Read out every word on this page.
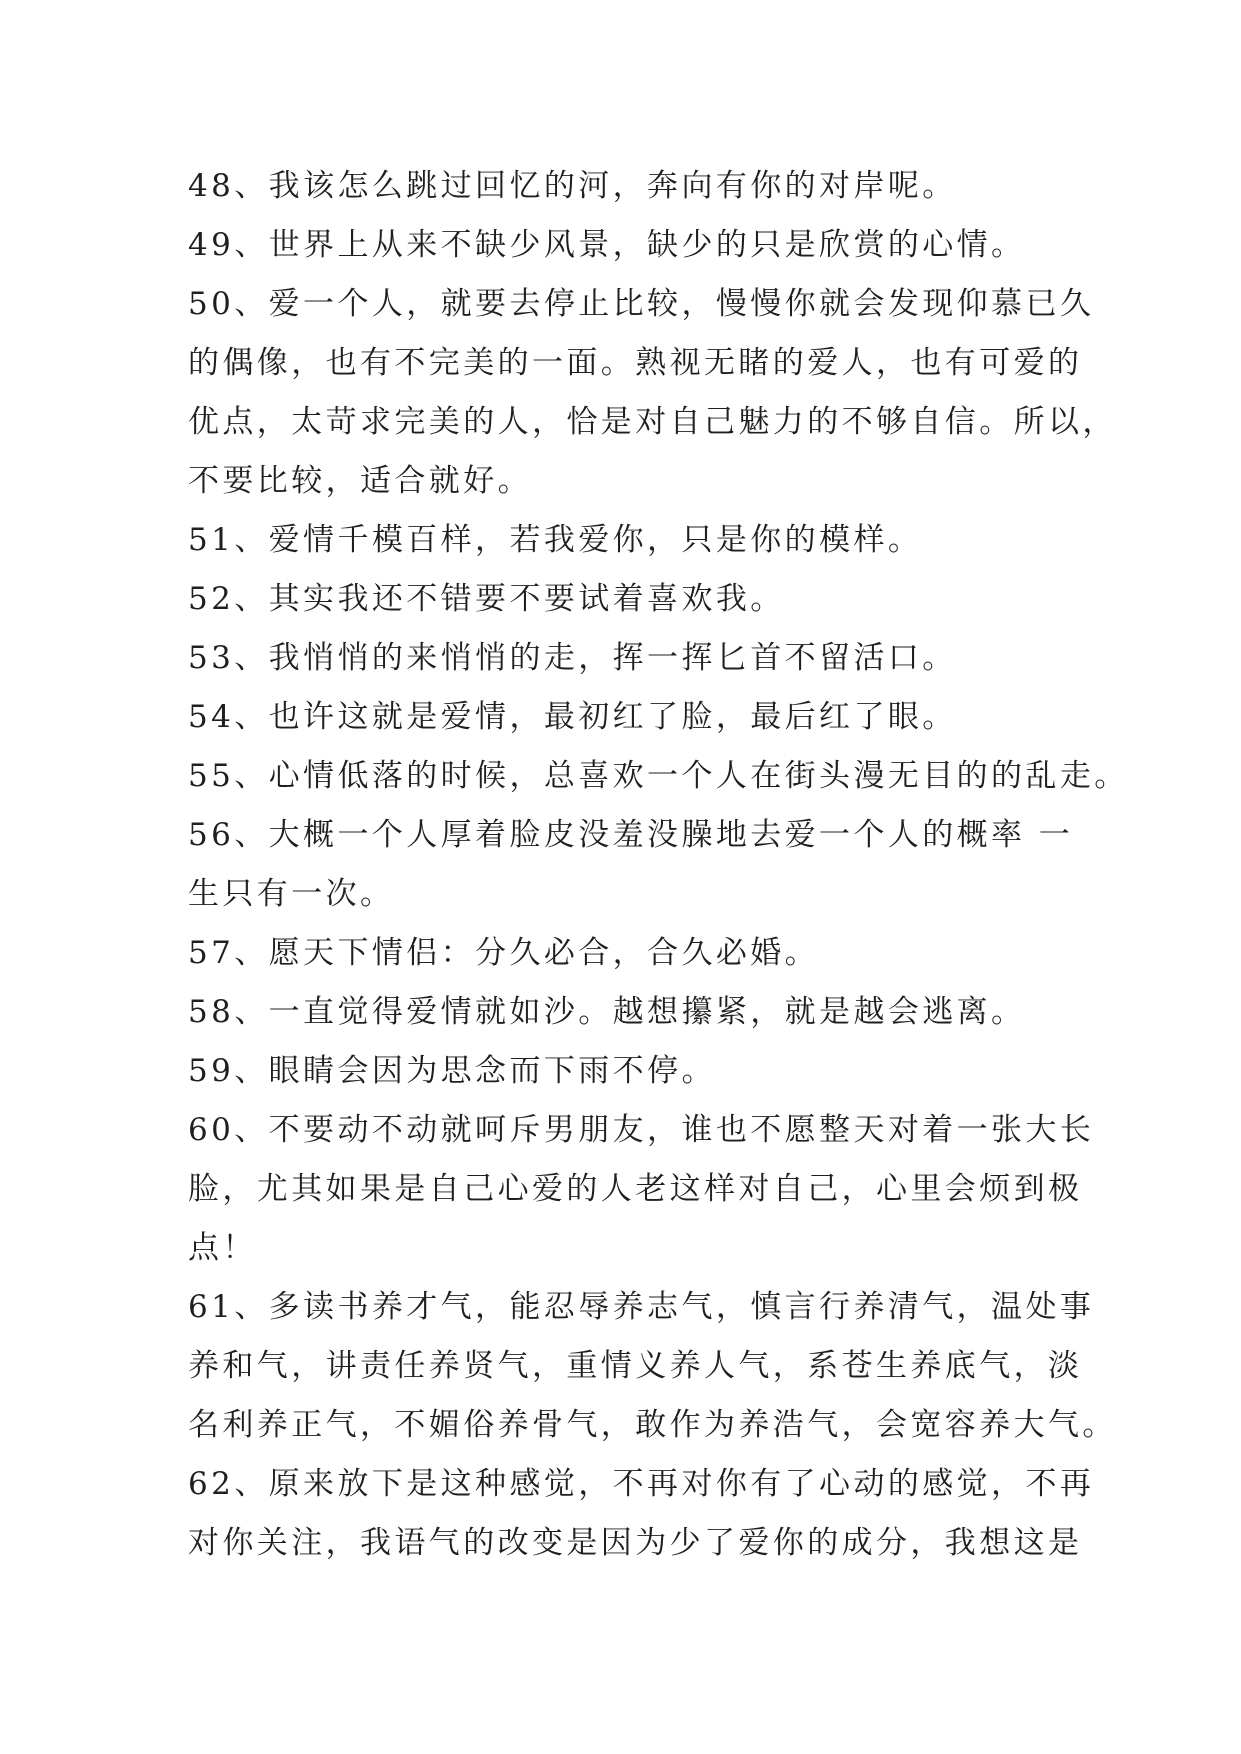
48、我该怎么跳过回忆的河，奔向有你的对岸呢。
49、世界上从来不缺少风景，缺少的只是欣赏的心情。
50、爱一个人，就要去停止比较，慢慢你就会发现仰慕已久
的偶像，也有不完美的一面。熟视无睹的爱人，也有可爱的
优点，太苛求完美的人，恰是对自己魅力的不够自信。所以，
不要比较，适合就好。
51、爱情千模百样，若我爱你，只是你的模样。
52、其实我还不错要不要试着喜欢我。
53、我悄悄的来悄悄的走，挥一挥匕首不留活口。
54、也许这就是爱情，最初红了脸，最后红了眼。
55、心情低落的时候，总喜欢一个人在街头漫无目的的乱走。
56、大概一个人厚着脸皮没羞没臊地去爱一个人的概率 一
生只有一次。
57、愿天下情侣：分久必合，合久必婚。
58、一直觉得爱情就如沙。越想攥紧，就是越会逃离。
59、眼睛会因为思念而下雨不停。
60、不要动不动就呵斥男朋友，谁也不愿整天对着一张大长
脸，尤其如果是自己心爱的人老这样对自己，心里会烦到极
点！
61、多读书养才气，能忍辱养志气，慎言行养清气，温处事
养和气，讲责任养贤气，重情义养人气，系苍生养底气，淡
名利养正气，不媚俗养骨气，敢作为养浩气，会宽容养大气。
62、原来放下是这种感觉，不再对你有了心动的感觉，不再
对你关注，我语气的改变是因为少了爱你的成分，我想这是
